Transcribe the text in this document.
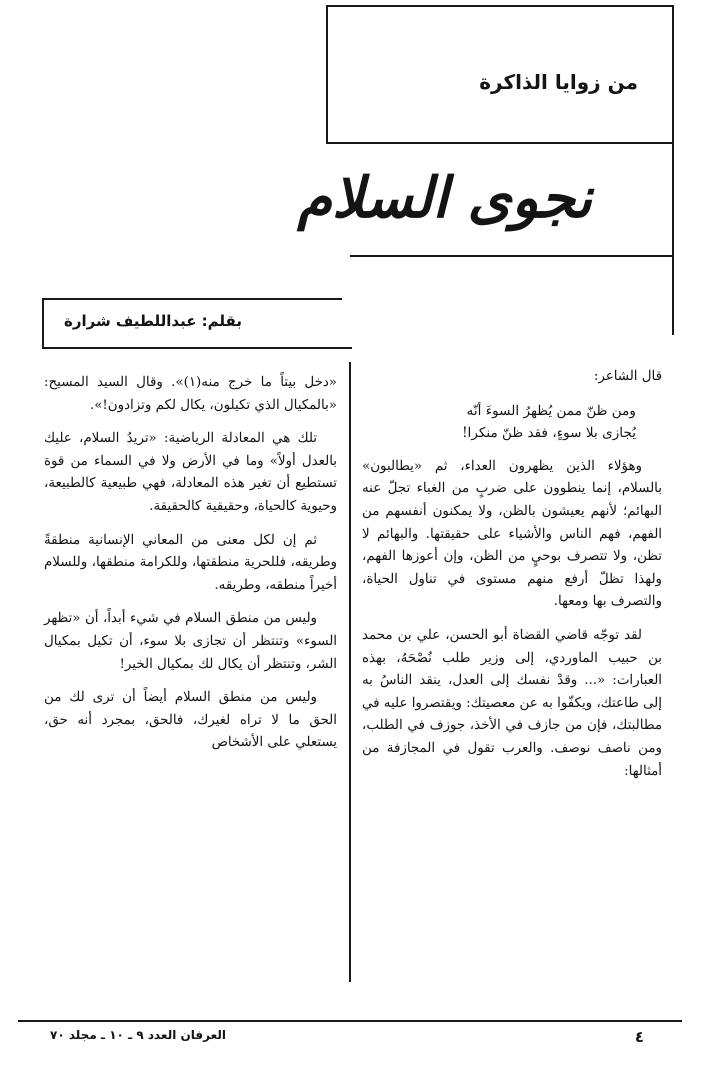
من زوايا الذاكرة
نجوى السلام
بقلم: عبداللطيف شرارة

قال الشاعر:

ومن ظنّ ممن يُظهرُ السوءَ أنّه
يُجازى بلا سوءٍ، فقد ظنّ منكرا!

وهؤلاء الذين يظهرون العداء، ثم «يطالبون» بالسلام، إنما ينطوون على ضربٍ من الغباء تجلّ عنه البهائم؛ لأنهم يعيشون بالظن، ولا يمكنون أنفسهم من الفهم، فهم الناس والأشياء على حقيقتها. والبهائم لا تظن، ولا تتصرف بوحيٍ من الظن، وإن أعوزها الفهم، ولهذا تظلّ أرفع منهم مستوى في تناول الحياة، والتصرف بها ومعها.

لقد توجّه قاضي القضاة أبو الحسن، علي بن محمد بن حبيب الماوردي، إلى وزير طلب نُصْحَهُ، بهذه العبارات: «... وقدْ نفسك إلى العدل، ينقد الناسُ به إلى طاعتك، ويكفّوا به عن معصيتك: ويقتصروا عليه في مطالبتك، فإن من جازف في الأخذ، جوزف في الطلب، ومن ناصف نوصف. والعرب تقول في المجازفة من أمثالها:

«دخل بيتاً ما خرج منه(١)». وقال السيد المسيح: «بالمكيال الذي تكيلون، يكال لكم وتزادون!».

تلك هي المعادلة الرياضية: «تريدُ السلام، عليك بالعدل أولاً» وما في الأرض ولا في السماء من قوة تستطيع أن تغير هذه المعادلة، فهي طبيعية كالطبيعة، وحيوية كالحياة، وحقيقية كالحقيقة.

ثم إن لكل معنى من المعاني الإنسانية منطقةً وطريقه، فللحرية منطقتها، وللكرامة منطقها، وللسلام أخيراً منطقه، وطريقه.

وليس من منطق السلام في شيء أبداً، أن «تظهر السوء» وتنتظر أن تجازى بلا سوء، أن تكيل بمكيال الشر، وتنتظر أن يكال لك بمكيال الخير!

وليس من منطق السلام أيضاً أن ترى لك من الحق ما لا تراه لغيرك، فالحق، بمجرد أنه حق، يستعلي على الأشخاص

٤
العرفان العدد ٩ ـ ١٠ ـ مجلد ٧٠
